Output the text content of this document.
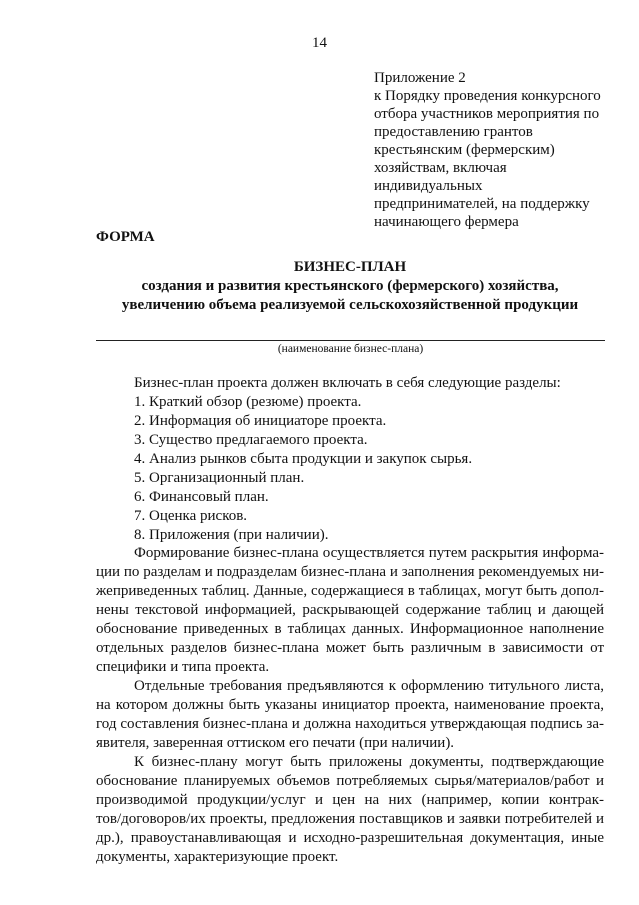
14
Приложение 2
к Порядку проведения конкурсного
отбора участников мероприятия по
предоставлению грантов
крестьянским (фермерским)
хозяйствам, включая
индивидуальных
предпринимателей, на поддержку
начинающего фермера
ФОРМА
БИЗНЕС-ПЛАН
создания и развития крестьянского (фермерского) хозяйства,
увеличению объема реализуемой сельскохозяйственной продукции
(наименование бизнес-плана)
Бизнес-план проекта должен включать в себя следующие разделы:
1. Краткий обзор (резюме) проекта.
2. Информация об инициаторе проекта.
3. Существо предлагаемого проекта.
4. Анализ рынков сбыта продукции и закупок сырья.
5. Организационный план.
6. Финансовый план.
7. Оценка рисков.
8. Приложения (при наличии).

Формирование бизнес-плана осуществляется путем раскрытия информа-
ции по разделам и подразделам бизнес-плана и заполнения рекомендуемых ни-
жеприведенных таблиц. Данные, содержащиеся в таблицах, могут быть допол-
нены текстовой информацией, раскрывающей содержание таблиц и дающей
обоснование приведенных в таблицах данных. Информационное наполнение
отдельных разделов бизнес-плана может быть различным в зависимости от
специфики и типа проекта.

Отдельные требования предъявляются к оформлению титульного листа,
на котором должны быть указаны инициатор проекта, наименование проекта,
год составления бизнес-плана и должна находиться утверждающая подпись за-
явителя, заверенная оттиском его печати (при наличии).

К бизнес-плану могут быть приложены документы, подтверждающие
обоснование планируемых объемов потребляемых сырья/материалов/работ и
производимой продукции/услуг и цен на них (например, копии контрак-
тов/договоров/их проекты, предложения поставщиков и заявки потребителей и
др.), правоустанавливающая и исходно-разрешительная документация, иные
документы, характеризующие проект.
